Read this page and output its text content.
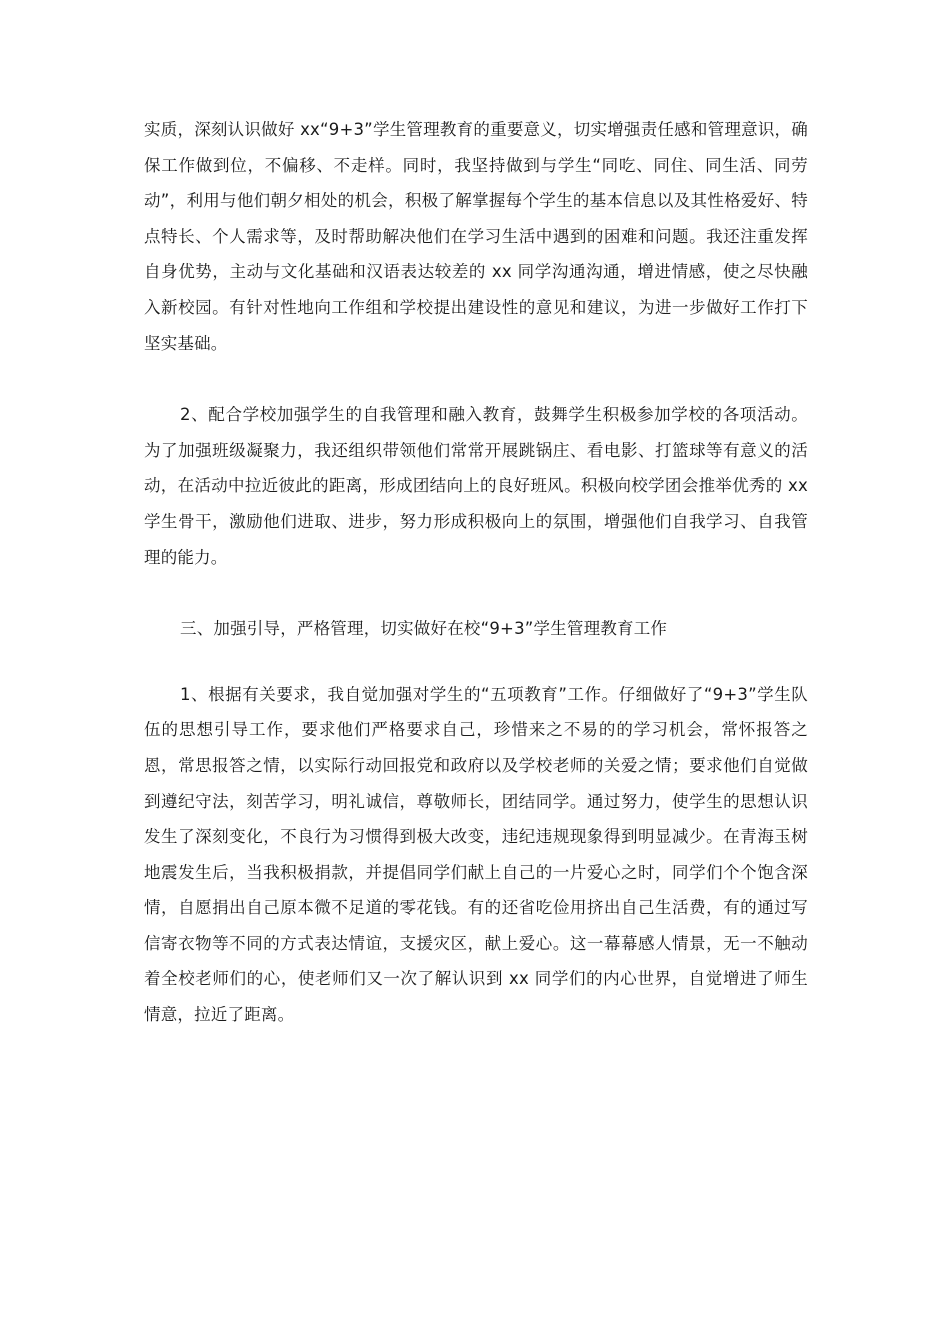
实质，深刻认识做好 xx“9+3”学生管理教育的重要意义，切实增强责任感和管理意识，确保工作做到位，不偏移、不走样。同时，我坚持做到与学生“同吃、同住、同生活、同劳动”，利用与他们朝夕相处的机会，积极了解掌握每个学生的基本信息以及其性格爱好、特点特长、个人需求等，及时帮助解决他们在学习生活中遇到的困难和问题。我还注重发挥自身优势，主动与文化基础和汉语表达较差的 xx 同学沟通沟通，增进情感，使之尽快融入新校园。有针对性地向工作组和学校提出建设性的意见和建议，为进一步做好工作打下坚实基础。

2、配合学校加强学生的自我管理和融入教育，鼓舞学生积极参加学校的各项活动。为了加强班级凝聚力，我还组织带领他们常常开展跳锅庄、看电影、打篮球等有意义的活动，在活动中拉近彼此的距离，形成团结向上的良好班风。积极向校学团会推举优秀的 xx 学生骨干，激励他们进取、进步，努力形成积极向上的氛围，增强他们自我学习、自我管理的能力。

三、加强引导，严格管理，切实做好在校“9+3”学生管理教育工作

1、根据有关要求，我自觉加强对学生的“五项教育”工作。仔细做好了“9+3”学生队伍的思想引导工作，要求他们严格要求自己，珍惜来之不易的的学习机会，常怀报答之恩，常思报答之情，以实际行动回报党和政府以及学校老师的关爱之情；要求他们自觉做到遵纪守法，刻苦学习，明礼诚信，尊敬师长，团结同学。通过努力，使学生的思想认识发生了深刻变化，不良行为习惯得到极大改变，违纪违规现象得到明显减少。在青海玉树地震发生后，当我积极捐款，并提倡同学们献上自己的一片爱心之时，同学们个个饱含深情，自愿捐出自己原本微不足道的零花钱。有的还省吃俭用挤出自己生活费，有的通过写信寄衣物等不同的方式表达情谊，支援灾区，献上爱心。这一幕幕感人情景，无一不触动着全校老师们的心，使老师们又一次了解认识到 xx 同学们的内心世界，自觉增进了师生情意，拉近了距离。
